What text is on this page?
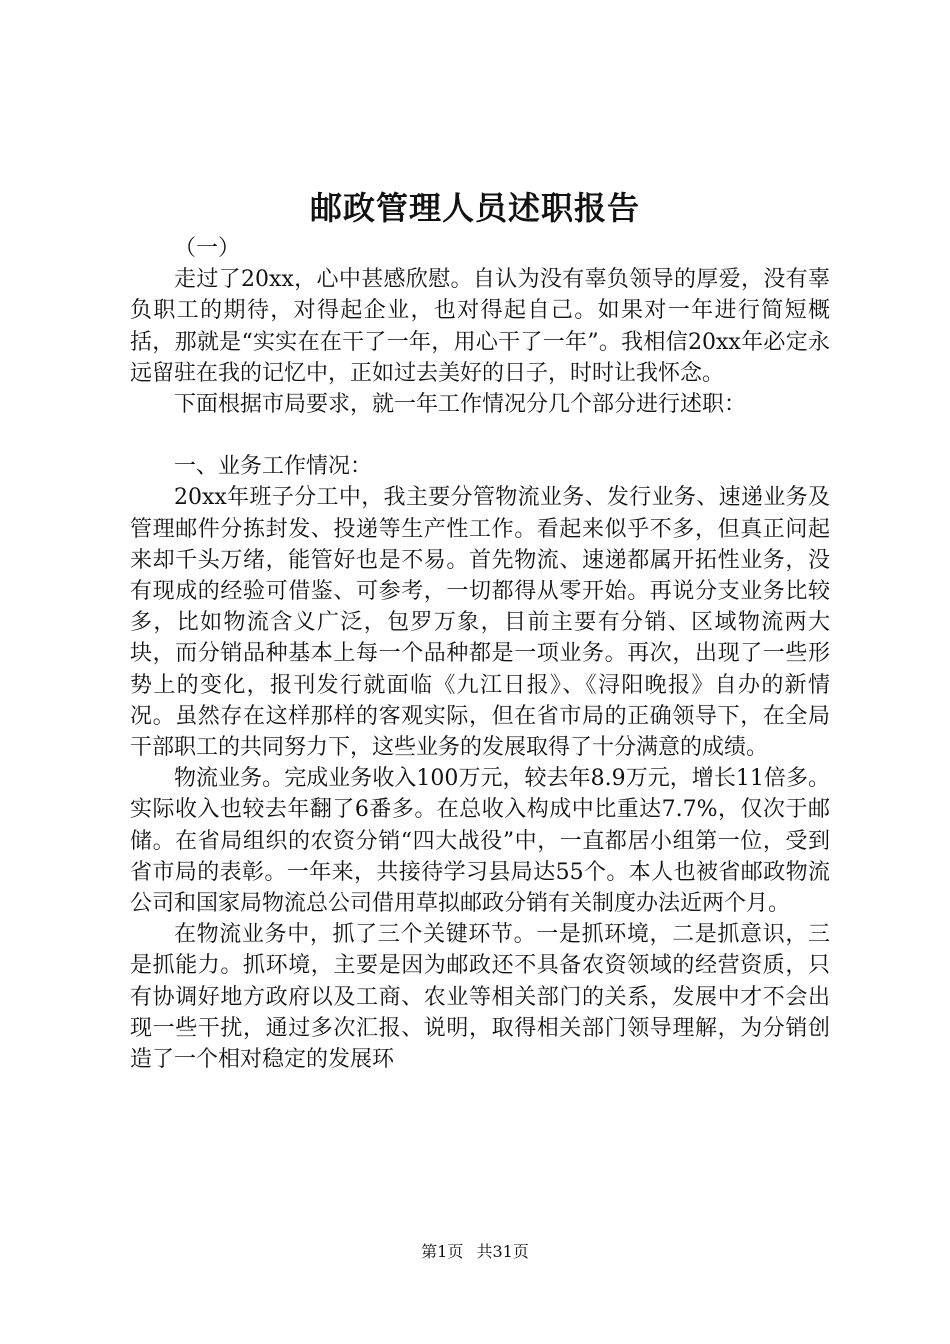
邮政管理人员述职报告

（一）

走过了20xx，心中甚感欣慰。自认为没有辜负领导的厚爱，没有辜负职工的期待，对得起企业，也对得起自己。如果对一年进行简短概括，那就是“实实在在干了一年，用心干了一年”。我相信20xx年必定永远留驻在我的记忆中，正如过去美好的日子，时时让我怀念。

下面根据市局要求，就一年工作情况分几个部分进行述职：

一、业务工作情况：

20xx年班子分工中，我主要分管物流业务、发行业务、速递业务及管理邮件分拣封发、投递等生产性工作。看起来似乎不多，但真正问起来却千头万绪，能管好也是不易。首先物流、速递都属开拓性业务，没有现成的经验可借鉴、可参考，一切都得从零开始。再说分支业务比较多，比如物流含义广泛，包罗万象，目前主要有分销、区域物流两大块，而分销品种基本上每一个品种都是一项业务。再次，出现了一些形势上的变化，报刊发行就面临《九江日报》、《浔阳晚报》自办的新情况。虽然存在这样那样的客观实际，但在省市局的正确领导下，在全局干部职工的共同努力下，这些业务的发展取得了十分满意的成绩。

物流业务。完成业务收入100万元，较去年8.9万元，增长11倍多。实际收入也较去年翻了6番多。在总收入构成中比重达7.7%，仅次于邮储。在省局组织的农资分销“四大战役”中，一直都居小组第一位，受到省市局的表彰。一年来，共接待学习县局达55个。本人也被省邮政物流公司和国家局物流总公司借用草拟邮政分销有关制度办法近两个月。

在物流业务中，抓了三个关键环节。一是抓环境，二是抓意识，三是抓能力。抓环境，主要是因为邮政还不具备农资领域的经营资质，只有协调好地方政府以及工商、农业等相关部门的关系，发展中才不会出现一些干扰，通过多次汇报、说明，取得相关部门领导理解，为分销创造了一个相对稳定的发展环

第1页 共31页
